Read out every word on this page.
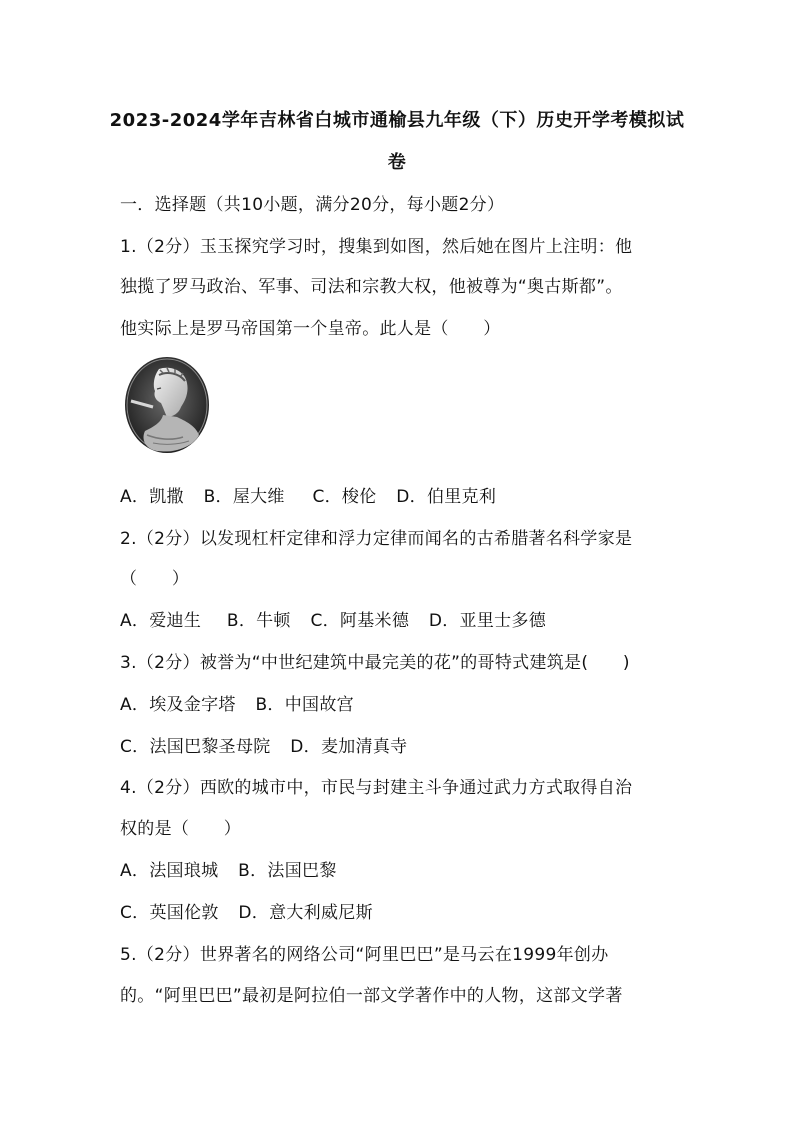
2023-2024学年吉林省白城市通榆县九年级（下）历史开学考模拟试
卷
一．选择题（共10小题，满分20分，每小题2分）
1.（2分）玉玉探究学习时，搜集到如图，然后她在图片上注明：他
独揽了罗马政治、军事、司法和宗教大权，他被尊为“奥古斯都”。
他实际上是罗马帝国第一个皇帝。此人是（　　）
A．凯撒 B．屋大维 C．梭伦 D．伯里克利
2.（2分）以发现杠杆定律和浮力定律而闻名的古希腊著名科学家是
（　　）
A．爱迪生 B．牛顿 C．阿基米德 D．亚里士多德
3.（2分）被誉为“中世纪建筑中最完美的花”的哥特式建筑是(　　)
A．埃及金字塔 B．中国故宫
C．法国巴黎圣母院 D．麦加清真寺
4.（2分）西欧的城市中，市民与封建主斗争通过武力方式取得自治
权的是（　　）
A．法国琅城 B．法国巴黎
C．英国伦敦 D．意大利威尼斯
5.（2分）世界著名的网络公司“阿里巴巴”是马云在1999年创办
的。“阿里巴巴”最初是阿拉伯一部文学著作中的人物，这部文学著
